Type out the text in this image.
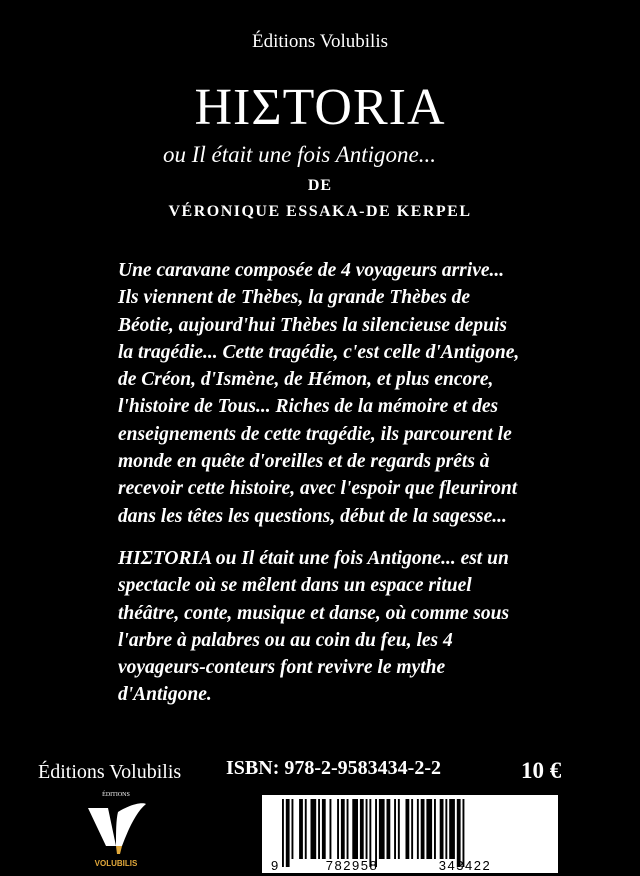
Éditions Volubilis
HIΣTORIA
ou Il était une fois Antigone...
DE
VÉRONIQUE ESSAKA-DE KERPEL
Une caravane composée de 4 voyageurs arrive...
Ils viennent de Thèbes, la grande Thèbes de
Béotie, aujourd'hui Thèbes la silencieuse depuis
la tragédie... Cette tragédie, c'est celle d'Antigone,
de Créon, d'Ismène, de Hémon, et plus encore,
l'histoire de Tous... Riches de la mémoire et des
enseignements de cette tragédie, ils parcourent le
monde en quête d'oreilles et de regards prêts à
recevoir cette histoire, avec l'espoir que fleuriront
dans les têtes les questions, début de la sagesse...
HIΣTORIA ou Il était une fois Antigone... est un
spectacle où se mêlent dans un espace rituel
théâtre, conte, musique et danse, où comme sous
l'arbre à palabres ou au coin du feu, les 4
voyageurs-conteurs font revivre le mythe
d'Antigone.
Éditions Volubilis ISBN: 978-2-9583434-2-2	10 €
ÉDITIONS
VOLUBILIS	9	782958	343422
